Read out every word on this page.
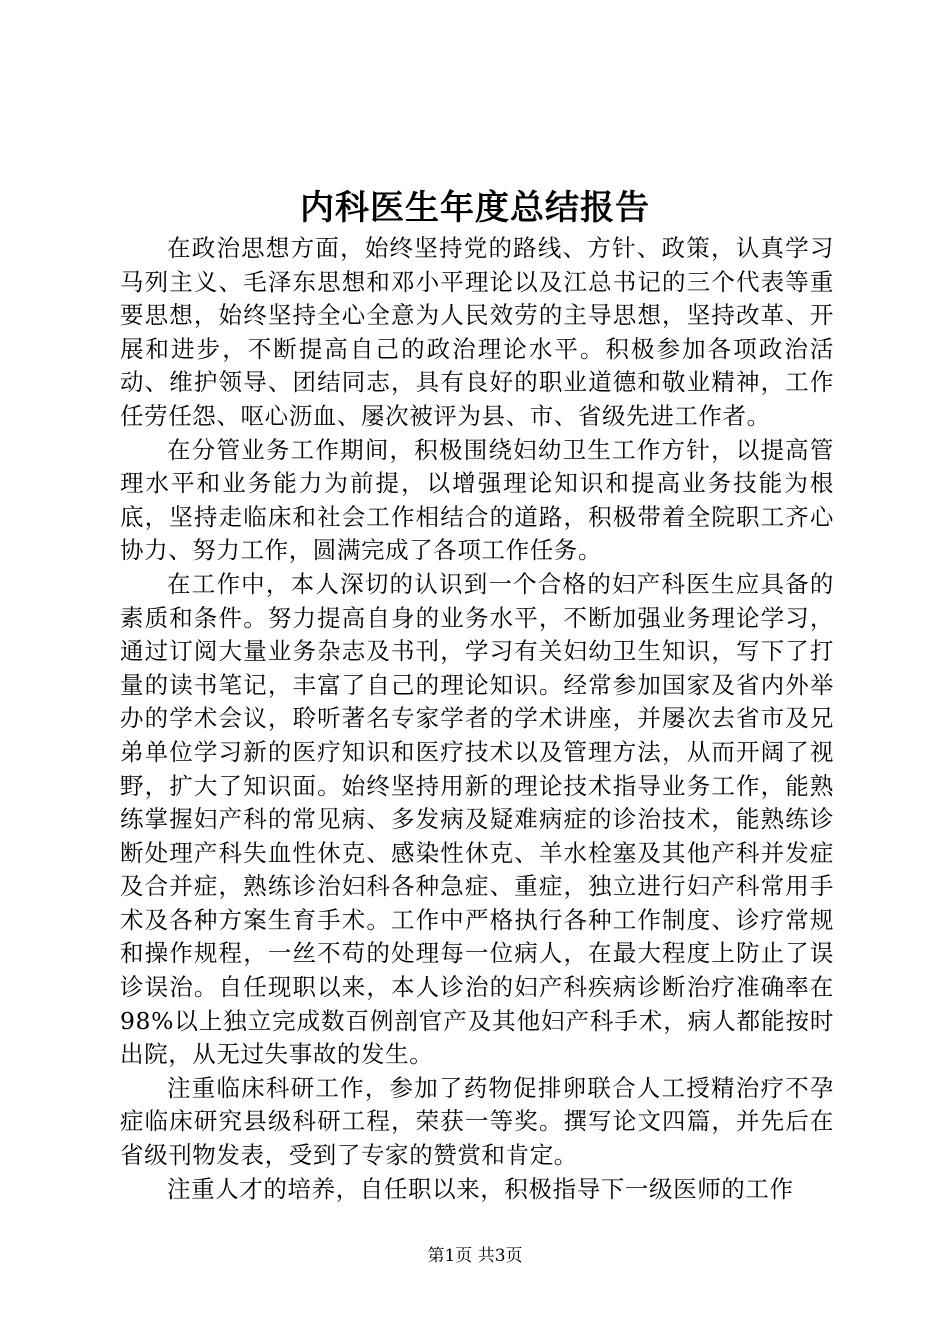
内科医生年度总结报告

在政治思想方面，始终坚持党的路线、方针、政策，认真学习马列主义、毛泽东思想和邓小平理论以及江总书记的三个代表等重要思想，始终坚持全心全意为人民效劳的主导思想，坚持改革、开展和进步，不断提高自己的政治理论水平。积极参加各项政治活动、维护领导、团结同志，具有良好的职业道德和敬业精神，工作任劳任怨、呕心沥血、屡次被评为县、市、省级先进工作者。

在分管业务工作期间，积极围绕妇幼卫生工作方针，以提高管理水平和业务能力为前提，以增强理论知识和提高业务技能为根底，坚持走临床和社会工作相结合的道路，积极带着全院职工齐心协力、努力工作，圆满完成了各项工作任务。

在工作中，本人深切的认识到一个合格的妇产科医生应具备的素质和条件。努力提高自身的业务水平，不断加强业务理论学习，通过订阅大量业务杂志及书刊，学习有关妇幼卫生知识，写下了打量的读书笔记，丰富了自己的理论知识。经常参加国家及省内外举办的学术会议，聆听著名专家学者的学术讲座，并屡次去省市及兄弟单位学习新的医疗知识和医疗技术以及管理方法，从而开阔了视野，扩大了知识面。始终坚持用新的理论技术指导业务工作，能熟练掌握妇产科的常见病、多发病及疑难病症的诊治技术，能熟练诊断处理产科失血性休克、感染性休克、羊水栓塞及其他产科并发症及合并症，熟练诊治妇科各种急症、重症，独立进行妇产科常用手术及各种方案生育手术。工作中严格执行各种工作制度、诊疗常规和操作规程，一丝不苟的处理每一位病人，在最大程度上防止了误诊误治。自任现职以来，本人诊治的妇产科疾病诊断治疗准确率在98%以上独立完成数百例剖官产及其他妇产科手术，病人都能按时出院，从无过失事故的发生。

注重临床科研工作，参加了药物促排卵联合人工授精治疗不孕症临床研究县级科研工程，荣获一等奖。撰写论文四篇，并先后在省级刊物发表，受到了专家的赞赏和肯定。

注重人才的培养，自任职以来，积极指导下一级医师的工作

第1页 共3页
